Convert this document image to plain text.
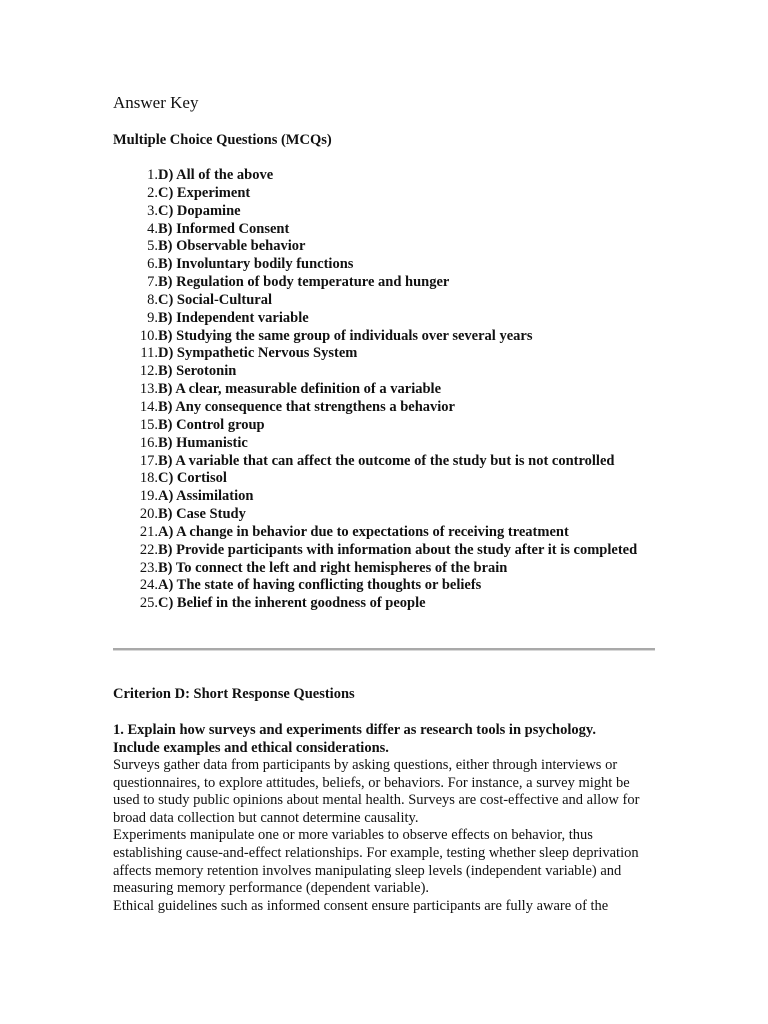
Answer Key
Multiple Choice Questions (MCQs)
1. D) All of the above
2. C) Experiment
3. C) Dopamine
4. B) Informed Consent
5. B) Observable behavior
6. B) Involuntary bodily functions
7. B) Regulation of body temperature and hunger
8. C) Social-Cultural
9. B) Independent variable
10. B) Studying the same group of individuals over several years
11. D) Sympathetic Nervous System
12. B) Serotonin
13. B) A clear, measurable definition of a variable
14. B) Any consequence that strengthens a behavior
15. B) Control group
16. B) Humanistic
17. B) A variable that can affect the outcome of the study but is not controlled
18. C) Cortisol
19. A) Assimilation
20. B) Case Study
21. A) A change in behavior due to expectations of receiving treatment
22. B) Provide participants with information about the study after it is completed
23. B) To connect the left and right hemispheres of the brain
24. A) The state of having conflicting thoughts or beliefs
25. C) Belief in the inherent goodness of people
Criterion D: Short Response Questions

1. Explain how surveys and experiments differ as research tools in psychology. Include examples and ethical considerations.

Surveys gather data from participants by asking questions, either through interviews or questionnaires, to explore attitudes, beliefs, or behaviors. For instance, a survey might be used to study public opinions about mental health. Surveys are cost-effective and allow for broad data collection but cannot determine causality.

Experiments manipulate one or more variables to observe effects on behavior, thus establishing cause-and-effect relationships. For example, testing whether sleep deprivation affects memory retention involves manipulating sleep levels (independent variable) and measuring memory performance (dependent variable).

Ethical guidelines such as informed consent ensure participants are fully aware of the
